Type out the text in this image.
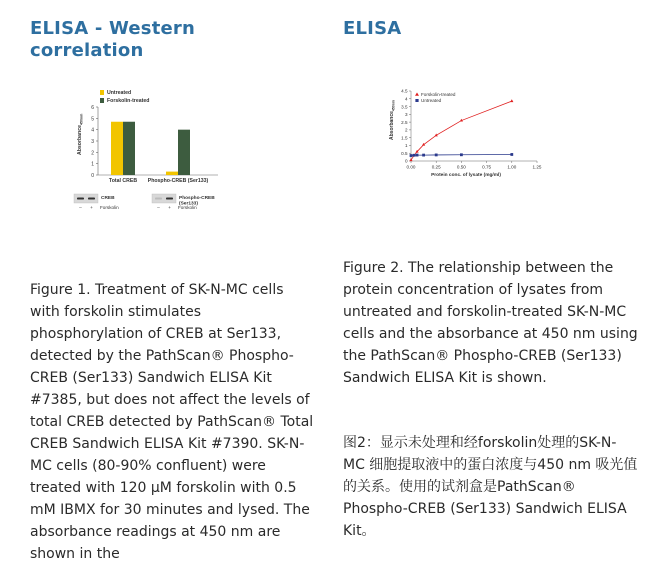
ELISA - Western correlation
ELISA
0
1
2
3
4
5
6
Absorbance$_{450nm}$
Untreated
Forskolin-treated
Total CREB Phospho-CREB (Ser133)
CREB
– + Forskolin
Phospho-CREB (Ser133)
– + Forskolin
0
0.5
1
1.5
2
2.5
3
3.5
4
4.5
0.00	0.25	0.50	0.75	1.00	1.25
Protein conc. of lysate (mg/ml)
Absorbance$_{450nm}$
Forskolin-treated
Untreated
Figure 1. Treatment of SK-N-MC cells with forskolin stimulates phosphorylation of CREB at Ser133, detected by the PathScan® Phospho-CREB (Ser133) Sandwich ELISA Kit #7385, but does not affect the levels of total CREB detected by PathScan® Total CREB Sandwich ELISA Kit #7390. SK-N-MC cells (80-90% confluent) were treated with 120 µM forskolin with 0.5 mM IBMX for 30 minutes and lysed. The absorbance readings at 450 nm are shown in the
Figure 2. The relationship between the protein concentration of lysates from untreated and forskolin-treated SK-N-MC cells and the absorbance at 450 nm using the PathScan® Phospho-CREB (Ser133) Sandwich ELISA Kit is shown.
图2：显示未处理和经forskolin处理的SK-N-MC 细胞提取液中的蛋白浓度与450 nm 吸光值的关系。使用的试剂盒是PathScan® Phospho-CREB (Ser133) Sandwich ELISA Kit。
